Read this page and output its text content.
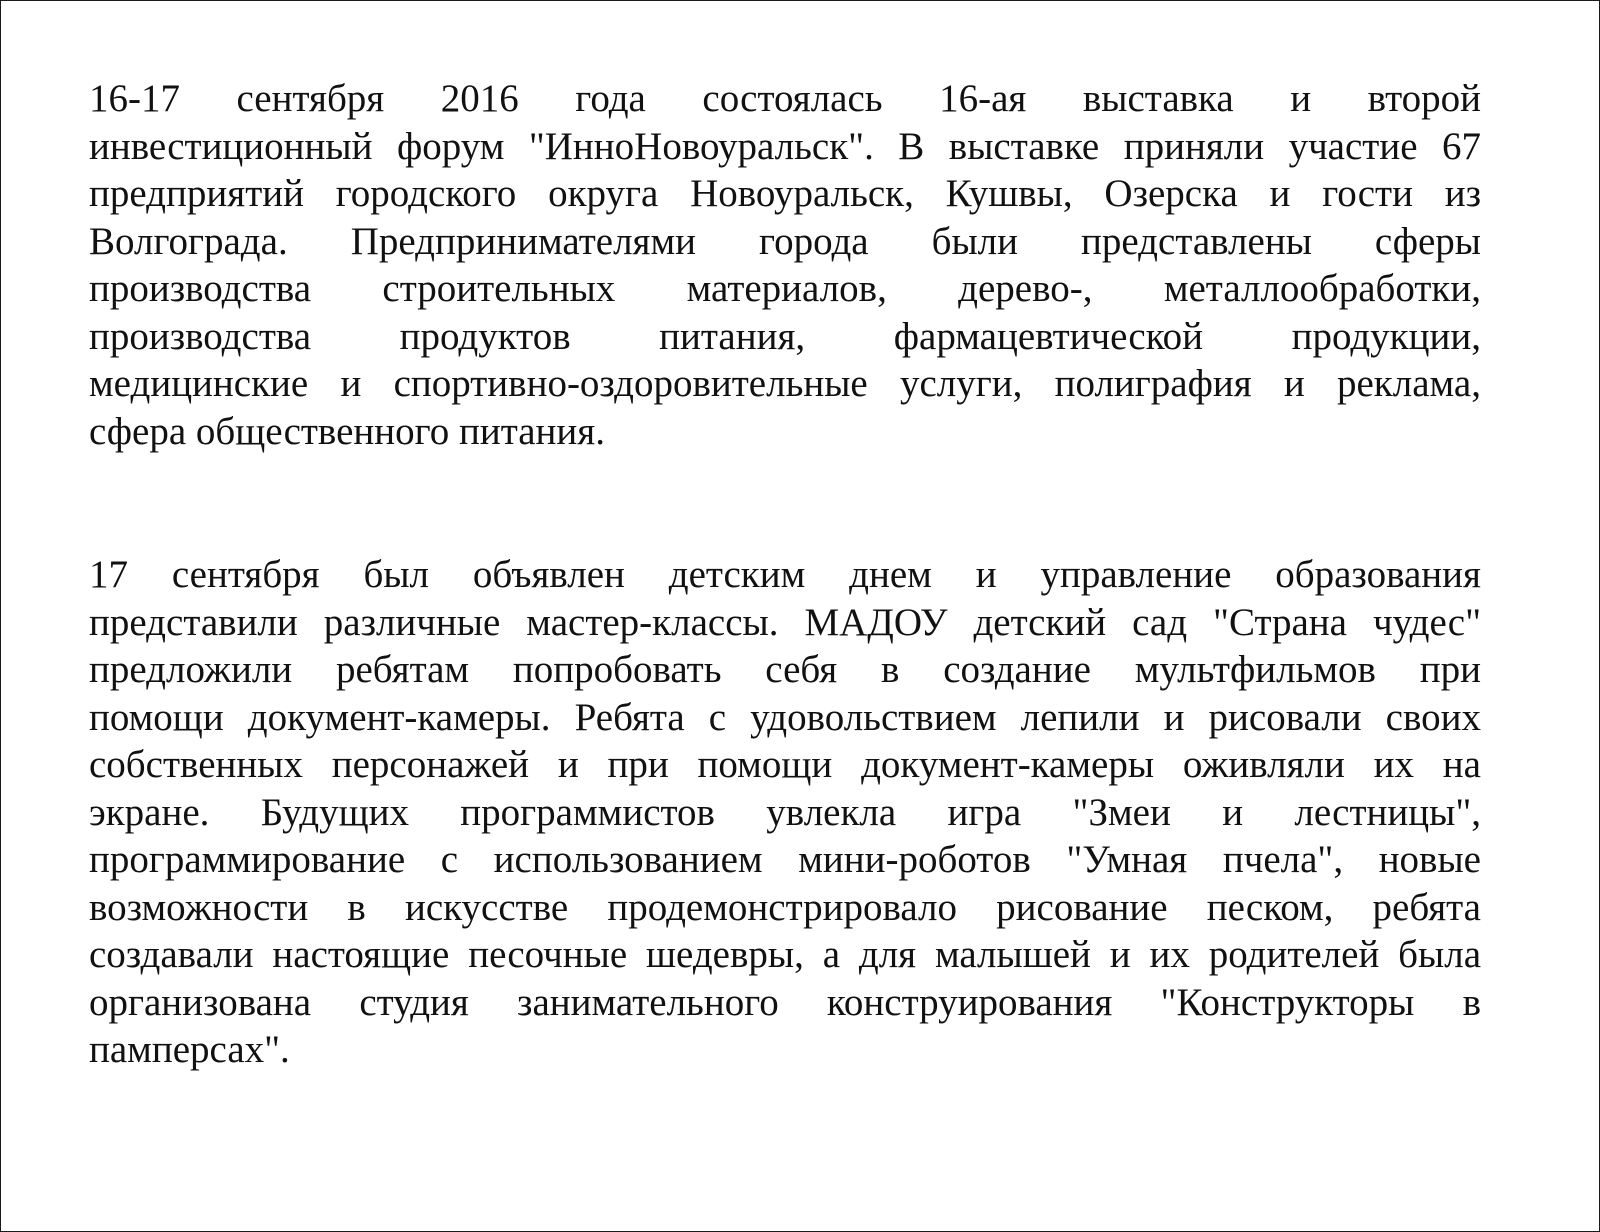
16-17 сентября 2016 года состоялась 16-ая выставка и второй
инвестиционный форум "ИнноНовоуральск". В выставке приняли участие 67
предприятий городского округа Новоуральск, Кушвы, Озерска и гости из
Волгограда. Предпринимателями города были представлены сферы
производства строительных материалов, дерево-, металлообработки,
производства продуктов питания, фармацевтической продукции,
медицинские и спортивно-оздоровительные услуги, полиграфия и реклама,
сфера общественного питания.
17 сентября был объявлен детским днем и управление образования
представили различные мастер-классы. МАДОУ детский сад "Страна чудес"
предложили ребятам попробовать себя в создание мультфильмов при
помощи документ-камеры. Ребята с удовольствием лепили и рисовали своих
собственных персонажей и при помощи документ-камеры оживляли их на
экране. Будущих программистов увлекла игра "Змеи и лестницы",
программирование с использованием мини-роботов "Умная пчела", новые
возможности в искусстве продемонстрировало рисование песком, ребята
создавали настоящие песочные шедевры, а для малышей и их родителей была
организована студия занимательного конструирования "Конструкторы в
памперсах".
